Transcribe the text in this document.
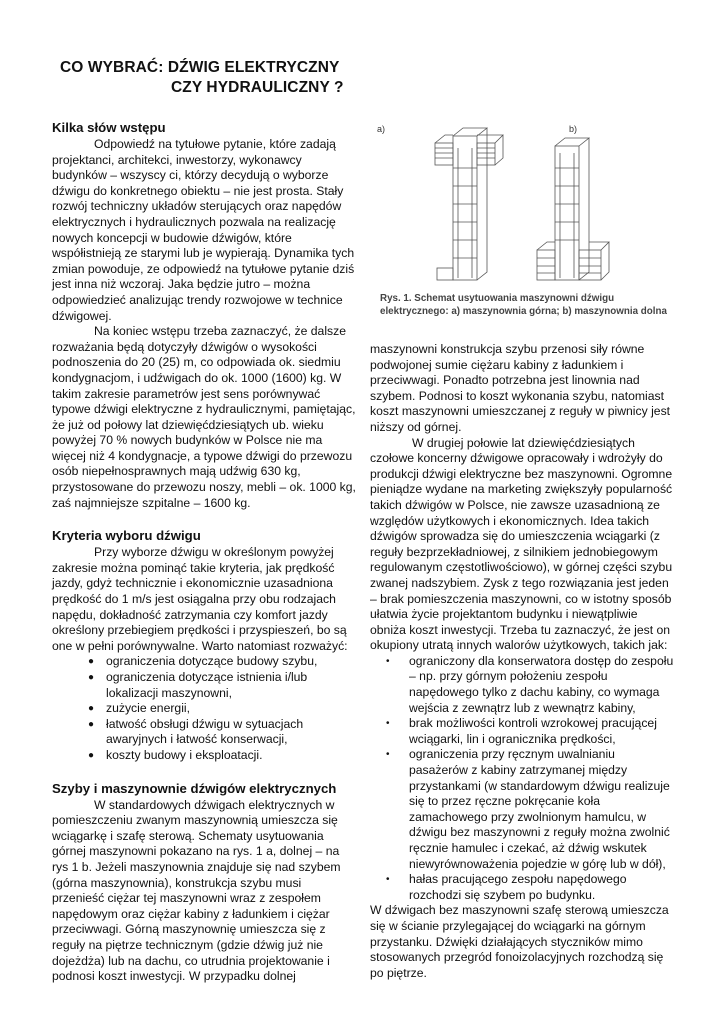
CO WYBRAĆ: DŹWIG ELEKTRYCZNY
CZY HYDRAULICZNY ?
Kilka słów wstępu

Odpowiedź na tytułowe pytanie, które zadają projektanci, architekci, inwestorzy, wykonawcy budynków – wszyscy ci, którzy decydują o wyborze dźwigu do konkretnego obiektu – nie jest prosta. Stały rozwój techniczny układów sterujących oraz napędów elektrycznych i hydraulicznych pozwala na realizację nowych koncepcji w budowie dźwigów, które współistnieją ze starymi lub je wypierają. Dynamika tych zmian powoduje, ze odpowiedź na tytułowe pytanie dziś jest inna niż wczoraj. Jaka będzie jutro – można odpowiedzieć analizując trendy rozwojowe w technice dźwigowej.

Na koniec wstępu trzeba zaznaczyć, że dalsze rozważania będą dotyczyły dźwigów o wysokości podnoszenia do 20 (25) m, co odpowiada ok. siedmiu kondygnacjom, i udźwigach do ok. 1000 (1600) kg. W takim zakresie parametrów jest sens porównywać typowe dźwigi elektryczne z hydraulicznymi, pamiętając, że już od połowy lat dziewięćdziesiątych ub. wieku powyżej 70 % nowych budynków w Polsce nie ma więcej niż 4 kondygnacje, a typowe dźwigi do przewozu osób niepełnosprawnych mają udźwig 630 kg, przystosowane do przewozu noszy, mebli – ok. 1000 kg, zaś najmniejsze szpitalne – 1600 kg.

Kryteria wyboru dźwigu

Przy wyborze dźwigu w określonym powyżej zakresie można pominąć takie kryteria, jak prędkość jazdy, gdyż technicznie i ekonomicznie uzasadniona prędkość do 1 m/s jest osiągalna przy obu rodzajach napędu, dokładność zatrzymania czy komfort jazdy określony przebiegiem prędkości i przyspieszeń, bo są one w pełni porównywalne. Warto natomiast rozważyć:

● ograniczenia dotyczące budowy szybu,
● ograniczenia dotyczące istnienia i/lub lokalizacji maszynowni,
● zużycie energii,
● łatwość obsługi dźwigu w sytuacjach awaryjnych i łatwość konserwacji,
● koszty budowy i eksploatacji.
Szyby i maszynownie dźwigów elektrycznych

W standardowych dźwigach elektrycznych w pomieszczeniu zwanym maszynownią umieszcza się wciągarkę i szafę sterową. Schematy usytuowania górnej maszynowni pokazano na rys. 1 a, dolnej – na rys 1 b. Jeżeli maszynownia znajduje się nad szybem (górna maszynownia), konstrukcja szybu musi przenieść ciężar tej maszynowni wraz z zespołem napędowym oraz ciężar kabiny z ładunkiem i ciężar przeciwwagi. Górną maszynownię umieszcza się z reguły na piętrze technicznym (gdzie dźwig już nie dojeżdża) lub na dachu, co utrudnia projektowanie i podnosi koszt inwestycji. W przypadku dolnej

a)	b)
Rys. 1. Schemat usytuowania maszynowni dźwigu elektrycznego: a) maszynownia górna; b) maszynownia dolna

maszynowni konstrukcja szybu przenosi siły równe podwojonej sumie ciężaru kabiny z ładunkiem i przeciwwagi. Ponadto potrzebna jest linownia nad szybem. Podnosi to koszt wykonania szybu, natomiast koszt maszynowni umieszczanej z reguły w piwnicy jest niższy od górnej.

W drugiej połowie lat dziewięćdziesiątych czołowe koncerny dźwigowe opracowały i wdrożyły do produkcji dźwigi elektryczne bez maszynowni. Ogromne pieniądze wydane na marketing zwiększyły popularność takich dźwigów w Polsce, nie zawsze uzasadnioną ze względów użytkowych i ekonomicznych. Idea takich dźwigów sprowadza się do umieszczenia wciągarki (z reguły bezprzekładniowej, z silnikiem jednobiegowym regulowanym częstotliwościowo), w górnej części szybu zwanej nadszybiem. Zysk z tego rozwiązania jest jeden – brak pomieszczenia maszynowni, co w istotny sposób ułatwia życie projektantom budynku i niewątpliwie obniża koszt inwestycji. Trzeba tu zaznaczyć, że jest on okupiony utratą innych walorów użytkowych, takich jak:

• ograniczony dla konserwatora dostęp do zespołu – np. przy górnym położeniu zespołu napędowego tylko z dachu kabiny, co wymaga wejścia z zewnątrz lub z wewnątrz kabiny,
• brak możliwości kontroli wzrokowej pracującej wciągarki, lin i ogranicznika prędkości,
• ograniczenia przy ręcznym uwalnianiu pasażerów z kabiny zatrzymanej między przystankami (w standardowym dźwigu realizuje się to przez ręczne pokręcanie koła zamachowego przy zwolnionym hamulcu, w dźwigu bez maszynowni z reguły można zwolnić ręcznie hamulec i czekać, aż dźwig wskutek niewyrównoważenia pojedzie w górę lub w dół),
• hałas pracującego zespołu napędowego rozchodzi się szybem po budynku.

W dźwigach bez maszynowni szafę sterową umieszcza się w ścianie przylegającej do wciągarki na górnym przystanku. Dźwięki działających styczników mimo stosowanych przegród fonoizolacyjnych rozchodzą się po piętrze.
